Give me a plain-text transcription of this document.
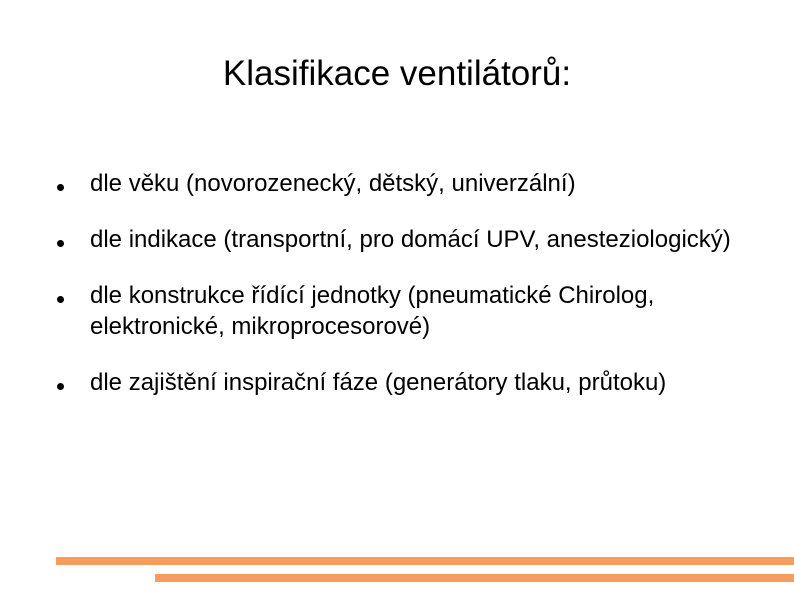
Klasifikace ventilátorů:
dle věku (novorozenecký, dětský, univerzální)
dle indikace (transportní, pro domácí UPV, anesteziologický)
dle konstrukce řídící jednotky (pneumatické Chirolog, elektronické, mikroprocesorové)
dle zajištění inspirační fáze (generátory tlaku, průtoku)
